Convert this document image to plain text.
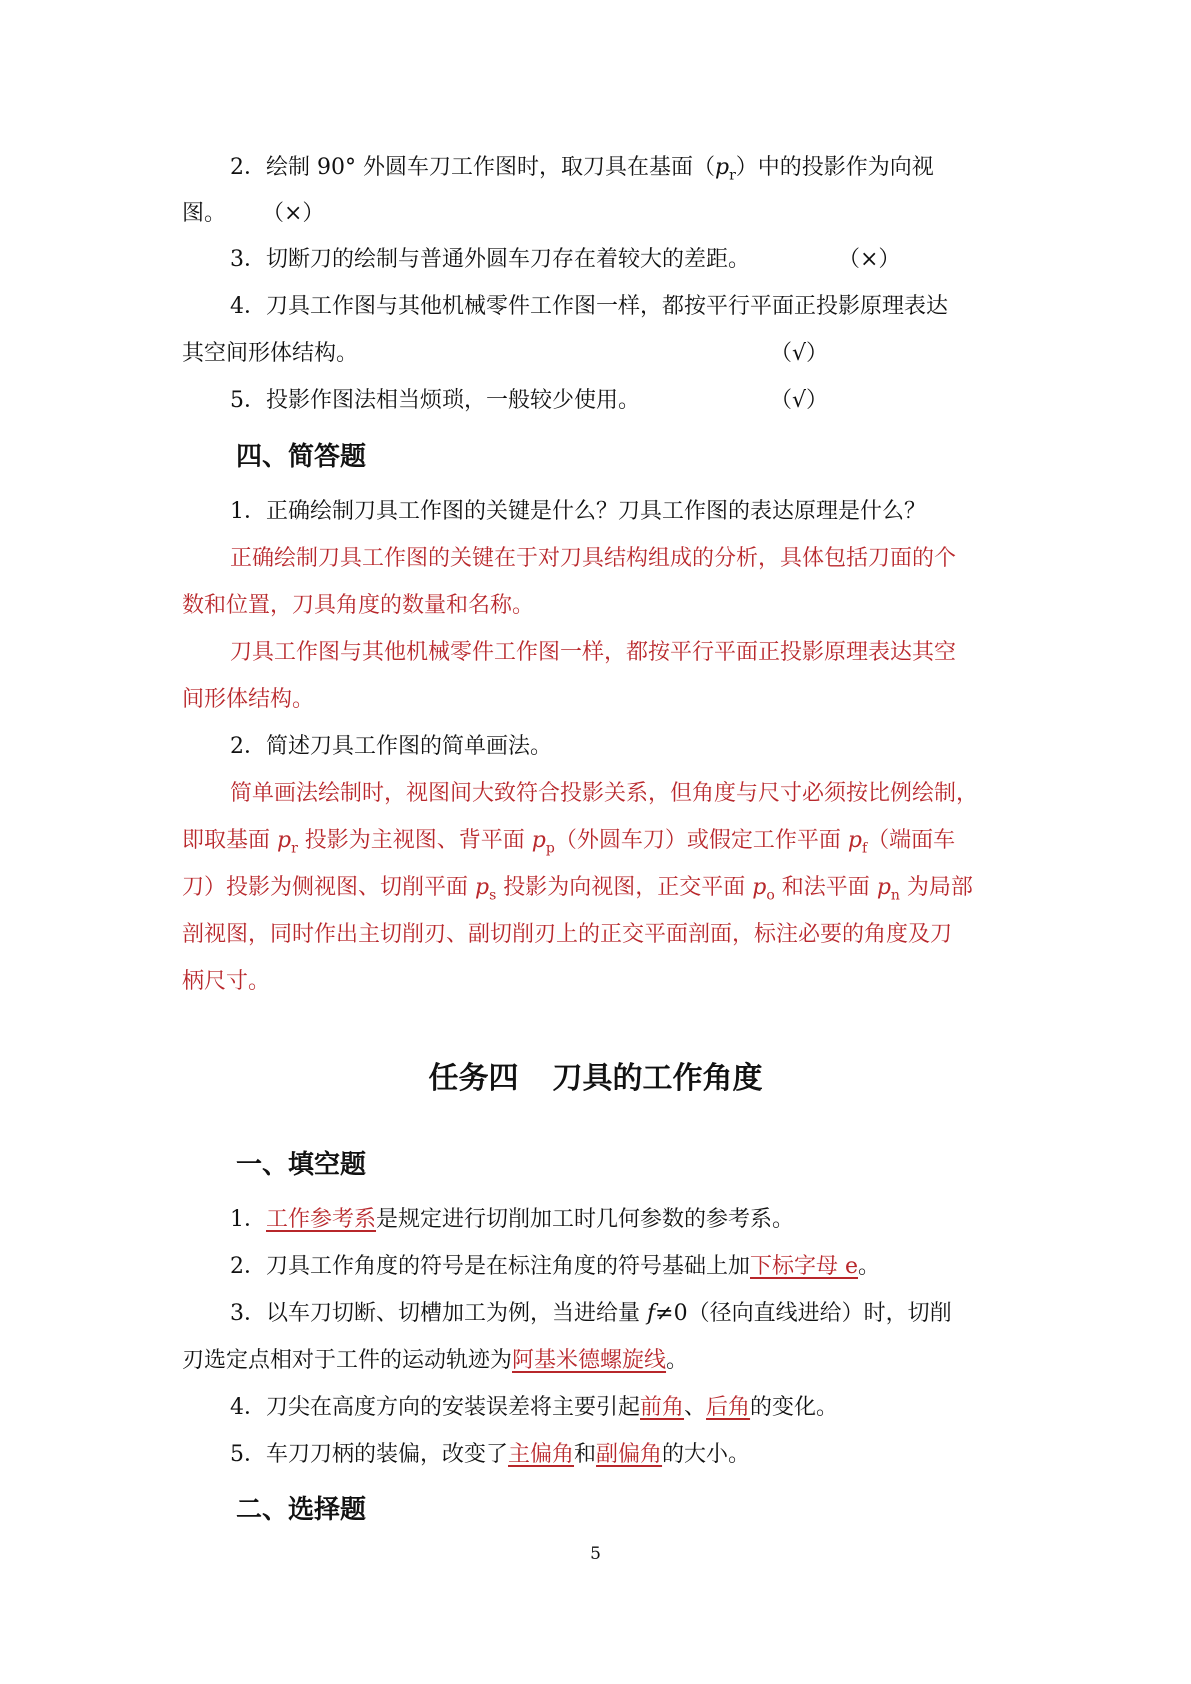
2．绘制 90° 外圆车刀工作图时，取刀具在基面$(p_r)$中的投影作为向视
图。	（×）
3．切断刀的绘制与普通外圆车刀存在着较大的差距。	（×）
4．刀具工作图与其他机械零件工作图一样，都按平行平面正投影原理表达
其空间形体结构。	（√）
5．投影作图法相当烦琐，一般较少使用。	（√）
四、简答题
1．正确绘制刀具工作图的关键是什么？刀具工作图的表达原理是什么？
正确绘制刀具工作图的关键在于对刀具结构组成的分析，具体包括刀面的个
数和位置，刀具角度的数量和名称。
刀具工作图与其他机械零件工作图一样，都按平行平面正投影原理表达其空
间形体结构。
2．简述刀具工作图的简单画法。
简单画法绘制时，视图间大致符合投影关系，但角度与尺寸必须按比例绘制，
即取基面 $p_r$ 投影为主视图、背平面 $p_p$（外圆车刀）或假定工作平面 $p_f$（端面车
刀）投影为侧视图、切削平面 $p_s$ 投影为向视图，正交平面 $p_o$ 和法平面 $p_n$ 为局部
剖视图，同时作出主切削刃、副切削刃上的正交平面剖面，标注必要的角度及刀
柄尺寸。
任务四 刀具的工作角度
一、填空题
1．工作参考系是规定进行切削加工时几何参数的参考系。
2．刀具工作角度的符号是在标注角度的符号基础上加下标字母 e。
3．以车刀切断、切槽加工为例，当进给量 f≠0（径向直线进给）时，切削
刃选定点相对于工件的运动轨迹为阿基米德螺旋线。
4．刀尖在高度方向的安装误差将主要引起前角、后角的变化。
5．车刀刀柄的装偏，改变了主偏角和副偏角的大小。
二、选择题
5
